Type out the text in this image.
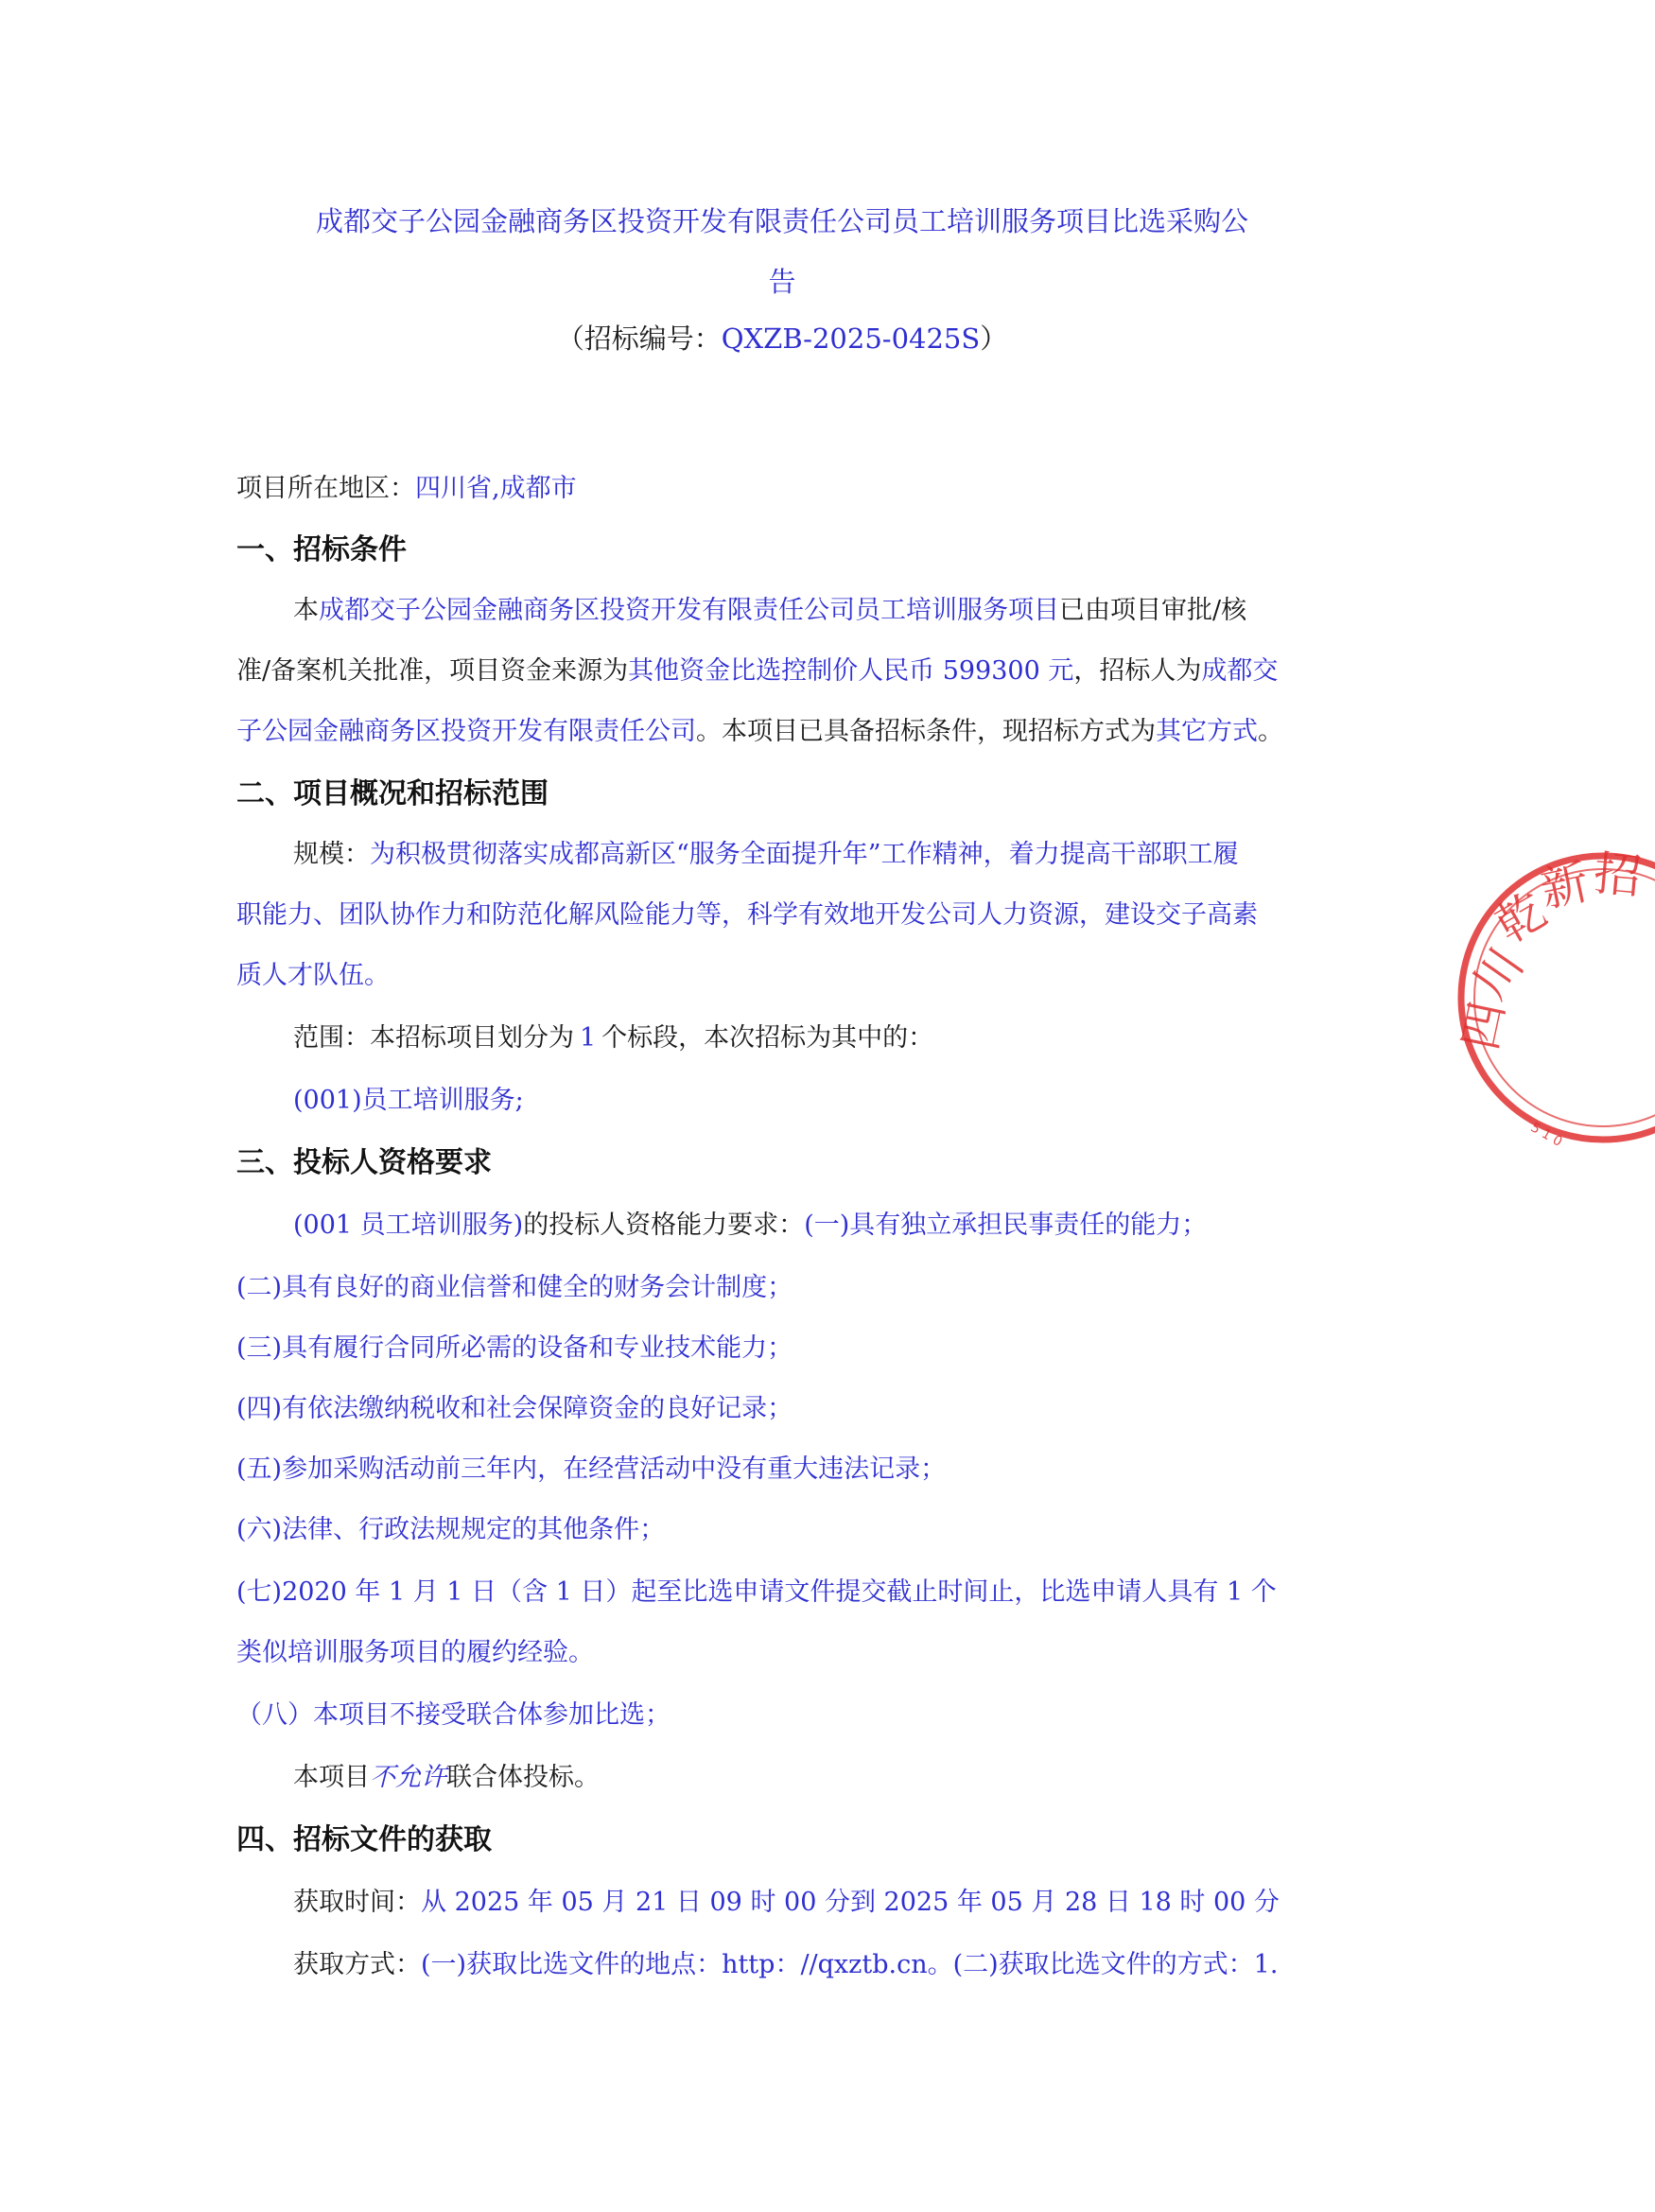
成都交子公园金融商务区投资开发有限责任公司员工培训服务项目比选采购公
告
（招标编号：QXZB-2025-0425S）
项目所在地区：四川省,成都市
一、招标条件
本成都交子公园金融商务区投资开发有限责任公司员工培训服务项目已由项目审批/核
准/备案机关批准，项目资金来源为其他资金比选控制价人民币 599300 元，招标人为成都交
子公园金融商务区投资开发有限责任公司。本项目已具备招标条件，现招标方式为其它方式。
二、项目概况和招标范围
规模：为积极贯彻落实成都高新区“服务全面提升年”工作精神，着力提高干部职工履
职能力、团队协作力和防范化解风险能力等，科学有效地开发公司人力资源，建设交子高素
质人才队伍。
范围：本招标项目划分为 1 个标段，本次招标为其中的：
(001)员工培训服务;
三、投标人资格要求
(001 员工培训服务)的投标人资格能力要求：(一)具有独立承担民事责任的能力；
(二)具有良好的商业信誉和健全的财务会计制度；
(三)具有履行合同所必需的设备和专业技术能力；
(四)有依法缴纳税收和社会保障资金的良好记录；
(五)参加采购活动前三年内，在经营活动中没有重大违法记录；
(六)法律、行政法规规定的其他条件；
(七)2020 年 1 月 1 日（含 1 日）起至比选申请文件提交截止时间止，比选申请人具有 1 个
类似培训服务项目的履约经验。
（八）本项目不接受联合体参加比选；
本项目不允许联合体投标。
四、招标文件的获取
获取时间：从 2025 年 05 月 21 日 09 时 00 分到 2025 年 05 月 28 日 18 时 00 分
获取方式：(一)获取比选文件的地点：http：//qxztb.cn。(二)获取比选文件的方式：1.
四
川
乾
新
招
5 1 0
